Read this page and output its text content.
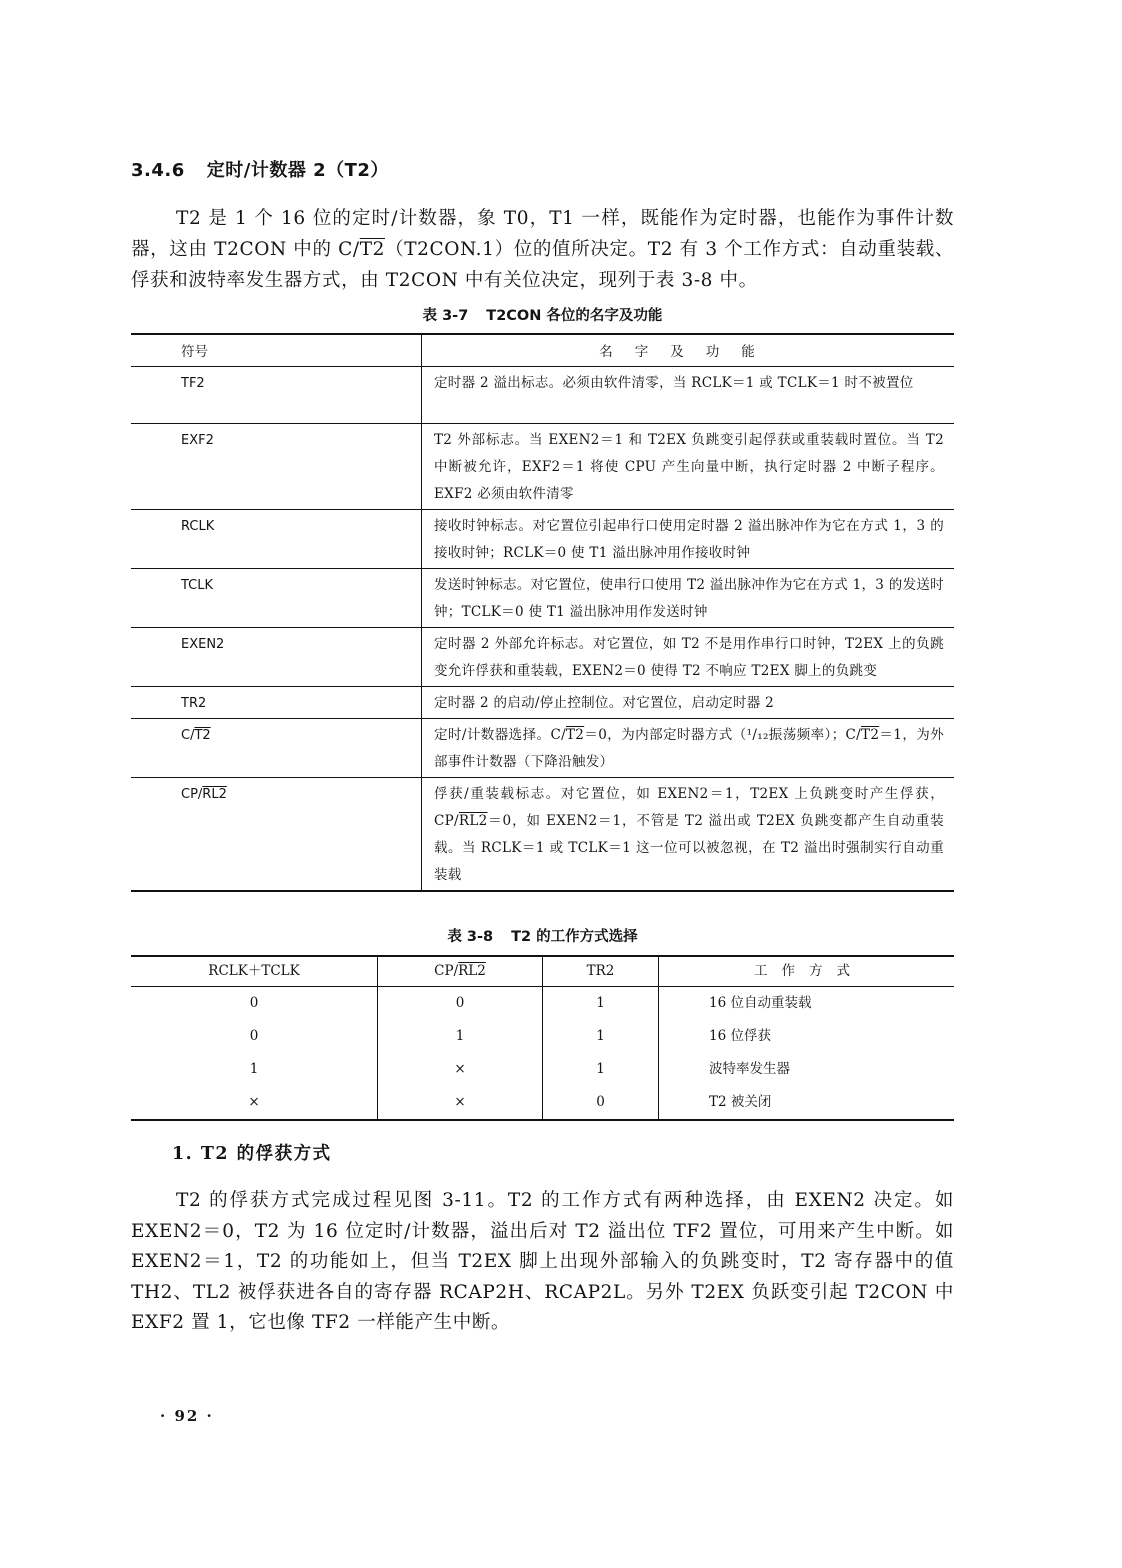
3.4.6 定时/计数器 2（T2）

T2 是 1 个 16 位的定时/计数器，象 T0，T1 一样，既能作为定时器，也能作为事件计数器，这由 T2CON 中的 C/T2（T2CON.1）位的值所决定。T2 有 3 个工作方式：自动重装载、俘获和波特率发生器方式，由 T2CON 中有关位决定，现列于表 3-8 中。

表 3-7 T2CON 各位的名字及功能

符号	名字及功能
TF2	定时器 2 溢出标志。必须由软件清零，当 RCLK＝1 或 TCLK＝1 时不被置位
EXF2	T2 外部标志。当 EXEN2＝1 和 T2EX 负跳变引起俘获或重装载时置位。当 T2 中断被允许，EXF2＝1 将使 CPU 产生向量中断，执行定时器 2 中断子程序。EXF2 必须由软件清零
RCLK	接收时钟标志。对它置位引起串行口使用定时器 2 溢出脉冲作为它在方式 1，3 的接收时钟；RCLK＝0 使 T1 溢出脉冲用作接收时钟
TCLK	发送时钟标志。对它置位，使串行口使用 T2 溢出脉冲作为它在方式 1，3 的发送时钟；TCLK＝0 使 T1 溢出脉冲用作发送时钟
EXEN2	定时器 2 外部允许标志。对它置位，如 T2 不是用作串行口时钟，T2EX 上的负跳变允许俘获和重装载，EXEN2＝0 使得 T2 不响应 T2EX 脚上的负跳变
TR2	定时器 2 的启动/停止控制位。对它置位，启动定时器 2
C/T2	定时/计数器选择。C/T2＝0，为内部定时器方式（¹/₁₂振荡频率）；C/T2＝1，为外部事件计数器（下降沿触发）
CP/RL2	俘获/重装载标志。对它置位，如 EXEN2＝1，T2EX 上负跳变时产生俘获，CP/RL2＝0，如 EXEN2＝1，不管是 T2 溢出或 T2EX 负跳变都产生自动重装载。当 RCLK＝1 或 TCLK＝1 这一位可以被忽视，在 T2 溢出时强制实行自动重装载

表 3-8 T2 的工作方式选择

RCLK＋TCLK	CP/RL2	TR2	工作方式
0	0	1	16 位自动重装载
0	1	1	16 位俘获
1	×	1	波特率发生器
×	×	0	T2 被关闭
1. T2 的俘获方式

T2 的俘获方式完成过程见图 3-11。T2 的工作方式有两种选择，由 EXEN2 决定。如 EXEN2＝0，T2 为 16 位定时/计数器，溢出后对 T2 溢出位 TF2 置位，可用来产生中断。如 EXEN2＝1，T2 的功能如上，但当 T2EX 脚上出现外部输入的负跳变时，T2 寄存器中的值 TH2、TL2 被俘获进各自的寄存器 RCAP2H、RCAP2L。另外 T2EX 负跃变引起 T2CON 中 EXF2 置 1，它也像 TF2 一样能产生中断。

· 92 ·
